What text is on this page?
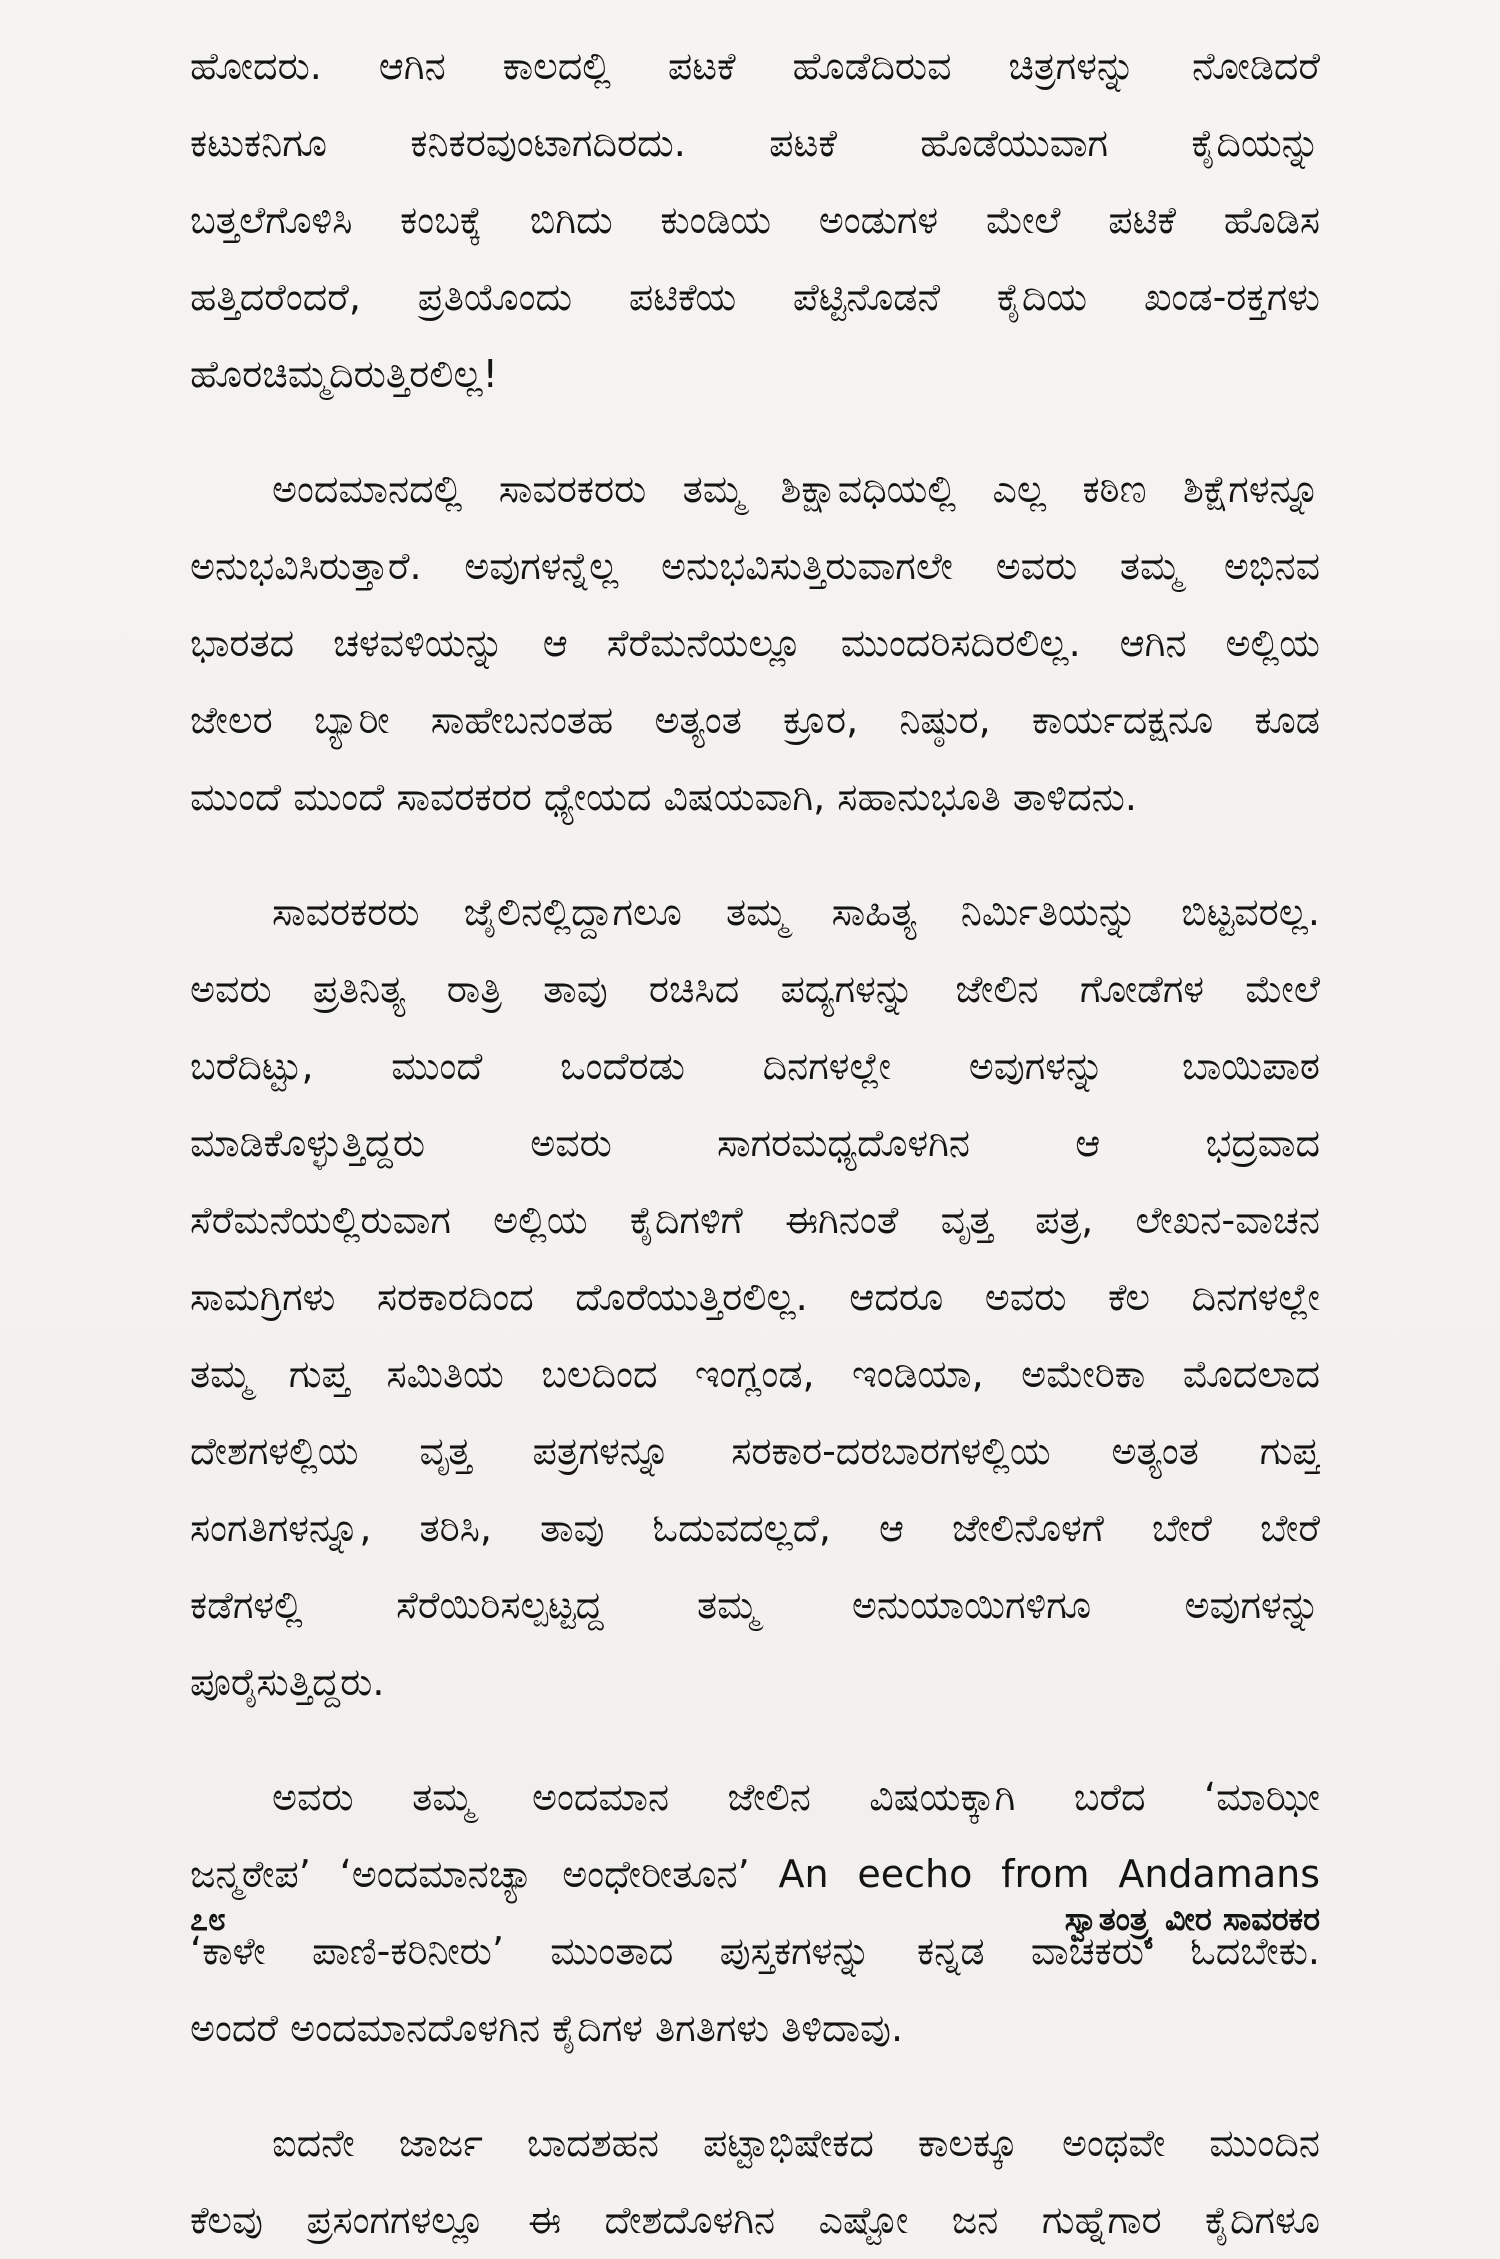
ಹೋದರು. ಆಗಿನ ಕಾಲದಲ್ಲಿ ಪಟಕೆ ಹೊಡೆದಿರುವ ಚಿತ್ರಗಳನ್ನು ನೋಡಿದರೆ
ಕಟುಕನಿಗೂ ಕನಿಕರವುಂಟಾಗದಿರದು. ಪಟಕೆ ಹೊಡೆಯುವಾಗ ಕೈದಿಯನ್ನು
ಬತ್ತಲೆಗೊಳಿಸಿ ಕಂಬಕ್ಕೆ ಬಿಗಿದು ಕುಂಡಿಯ ಅಂಡುಗಳ ಮೇಲೆ ಪಟಿಕೆ ಹೊಡಿಸ
ಹತ್ತಿದರೆಂದರೆ, ಪ್ರತಿಯೊಂದು ಪಟಿಕೆಯ ಪೆಟ್ಟಿನೊಡನೆ ಕೈದಿಯ ಖಂಡ-ರಕ್ತಗಳು
ಹೊರಚಿಮ್ಮದಿರುತ್ತಿರಲಿಲ್ಲ!
ಅಂದಮಾನದಲ್ಲಿ ಸಾವರಕರರು ತಮ್ಮ ಶಿಕ್ಷಾವಧಿಯಲ್ಲಿ ಎಲ್ಲ ಕಠಿಣ ಶಿಕ್ಷೆಗಳನ್ನೂ
ಅನುಭವಿಸಿರುತ್ತಾರೆ. ಅವುಗಳನ್ನೆಲ್ಲ ಅನುಭವಿಸುತ್ತಿರುವಾಗಲೇ ಅವರು ತಮ್ಮ ಅಭಿನವ
ಭಾರತದ ಚಳವಳಿಯನ್ನು ಆ ಸೆರೆಮನೆಯಲ್ಲೂ ಮುಂದರಿಸದಿರಲಿಲ್ಲ. ಆಗಿನ ಅಲ್ಲಿಯ
ಜೇಲರ ಬ್ಯಾರೀ ಸಾಹೇಬನಂತಹ ಅತ್ಯಂತ ಕ್ರೂರ, ನಿಷ್ಠುರ, ಕಾರ್ಯದಕ್ಷನೂ ಕೂಡ
ಮುಂದೆ ಮುಂದೆ ಸಾವರಕರರ ಧ್ಯೇಯದ ವಿಷಯವಾಗಿ, ಸಹಾನುಭೂತಿ ತಾಳಿದನು.
ಸಾವರಕರರು ಜೈಲಿನಲ್ಲಿದ್ದಾಗಲೂ ತಮ್ಮ ಸಾಹಿತ್ಯ ನಿರ್ಮಿತಿಯನ್ನು ಬಿಟ್ಟವರಲ್ಲ.
ಅವರು ಪ್ರತಿನಿತ್ಯ ರಾತ್ರಿ ತಾವು ರಚಿಸಿದ ಪದ್ಯಗಳನ್ನು ಜೇಲಿನ ಗೋಡೆಗಳ ಮೇಲೆ
ಬರೆದಿಟ್ಟು, ಮುಂದೆ ಒಂದೆರಡು ದಿನಗಳಲ್ಲೇ ಅವುಗಳನ್ನು ಬಾಯಿಪಾಠ
ಮಾಡಿಕೊಳ್ಳುತ್ತಿದ್ದರು ಅವರು ಸಾಗರಮಧ್ಯದೊಳಗಿನ ಆ ಭದ್ರವಾದ
ಸೆರೆಮನೆಯಲ್ಲಿರುವಾಗ ಅಲ್ಲಿಯ ಕೈದಿಗಳಿಗೆ ಈಗಿನಂತೆ ವೃತ್ತ ಪತ್ರ, ಲೇಖನ-ವಾಚನ
ಸಾಮಗ್ರಿಗಳು ಸರಕಾರದಿಂದ ದೊರೆಯುತ್ತಿರಲಿಲ್ಲ. ಆದರೂ ಅವರು ಕೆಲ ದಿನಗಳಲ್ಲೇ
ತಮ್ಮ ಗುಪ್ತ ಸಮಿತಿಯ ಬಲದಿಂದ ಇಂಗ್ಲಂಡ, ಇಂಡಿಯಾ, ಅಮೇರಿಕಾ ಮೊದಲಾದ
ದೇಶಗಳಲ್ಲಿಯ ವೃತ್ತ ಪತ್ರಗಳನ್ನೂ ಸರಕಾರ-ದರಬಾರಗಳಲ್ಲಿಯ ಅತ್ಯಂತ ಗುಪ್ತ
ಸಂಗತಿಗಳನ್ನೂ, ತರಿಸಿ, ತಾವು ಓದುವದಲ್ಲದೆ, ಆ ಜೇಲಿನೊಳಗೆ ಬೇರೆ ಬೇರೆ
ಕಡೆಗಳಲ್ಲಿ ಸೆರೆಯಿರಿಸಲ್ಪಟ್ಟದ್ದ ತಮ್ಮ ಅನುಯಾಯಿಗಳಿಗೂ ಅವುಗಳನ್ನು
ಪೂರೈಸುತ್ತಿದ್ದರು.
ಅವರು ತಮ್ಮ ಅಂದಮಾನ ಜೇಲಿನ ವಿಷಯಕ್ಕಾಗಿ ಬರೆದ ‘ಮಾಝೀ
ಜನ್ಮಠೇಪ’ ‘ಅಂದಮಾನಚ್ಯಾ ಅಂಧೇರೀತೂನ’ An eecho from Andamans
‘ಕಾಳೇ ಪಾಣಿ-ಕರಿನೀರು’ ಮುಂತಾದ ಪುಸ್ತಕಗಳನ್ನು ಕನ್ನಡ ವಾಚಕರು ಓದಬೇಕು.
ಅಂದರೆ ಅಂದಮಾನದೊಳಗಿನ ಕೈದಿಗಳ ತಿಗತಿಗಳು ತಿಳಿದಾವು.
ಐದನೇ ಜಾರ್ಜ ಬಾದಶಹನ ಪಟ್ಟಾಭಿಷೇಕದ ಕಾಲಕ್ಕೂ ಅಂಥವೇ ಮುಂದಿನ
ಕೆಲವು ಪ್ರಸಂಗಗಳಲ್ಲೂ ಈ ದೇಶದೊಳಗಿನ ಎಷ್ಟೋ ಜನ ಗುಹ್ನೆಗಾರ ಕೈದಿಗಳೂ
೭೮	ಸ್ವಾತಂತ್ರ್ಯ ವೀರ ಸಾವರಕರ
